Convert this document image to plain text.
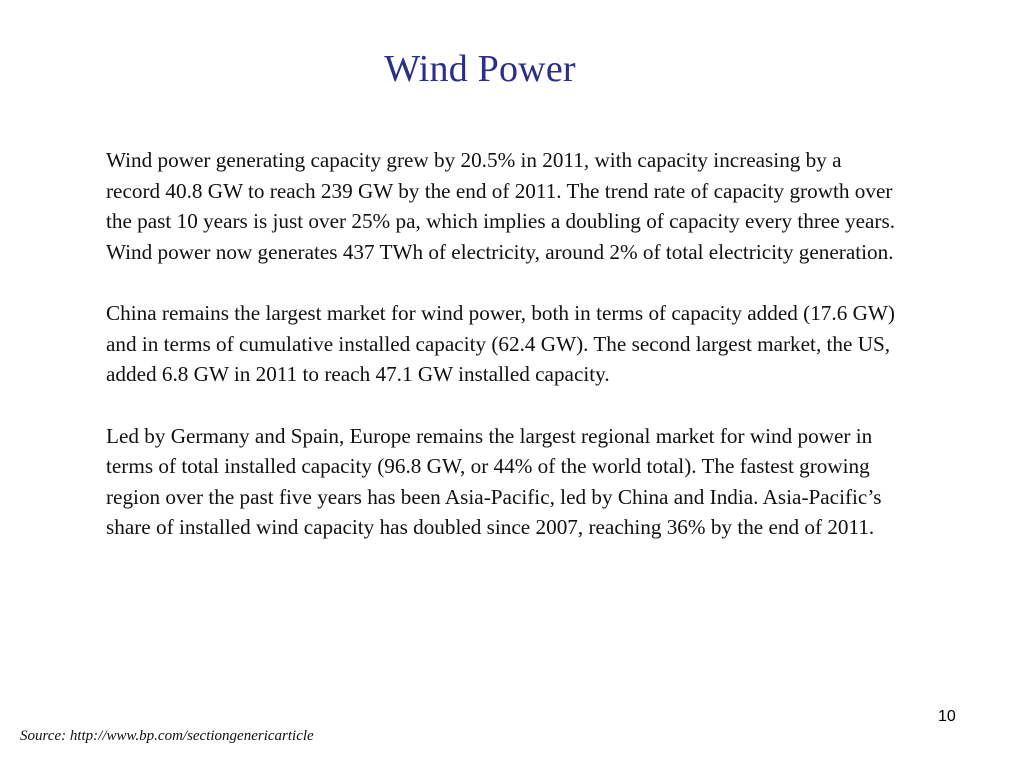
Wind Power

Wind power generating capacity grew by 20.5% in 2011, with capacity increasing by a record 40.8 GW to reach 239 GW by the end of 2011. The trend rate of capacity growth over the past 10 years is just over 25% pa, which implies a doubling of capacity every three years. Wind power now generates 437 TWh of electricity, around 2% of total electricity generation.

China remains the largest market for wind power, both in terms of capacity added (17.6 GW) and in terms of cumulative installed capacity (62.4 GW). The second largest market, the US, added 6.8 GW in 2011 to reach 47.1 GW installed capacity.

Led by Germany and Spain, Europe remains the largest regional market for wind power in terms of total installed capacity (96.8 GW, or 44% of the world total). The fastest growing region over the past five years has been Asia-Pacific, led by China and India. Asia-Pacific’s share of installed wind capacity has doubled since 2007, reaching 36% by the end of 2011.

10
Source: http://www.bp.com/sectiongenericarticle
